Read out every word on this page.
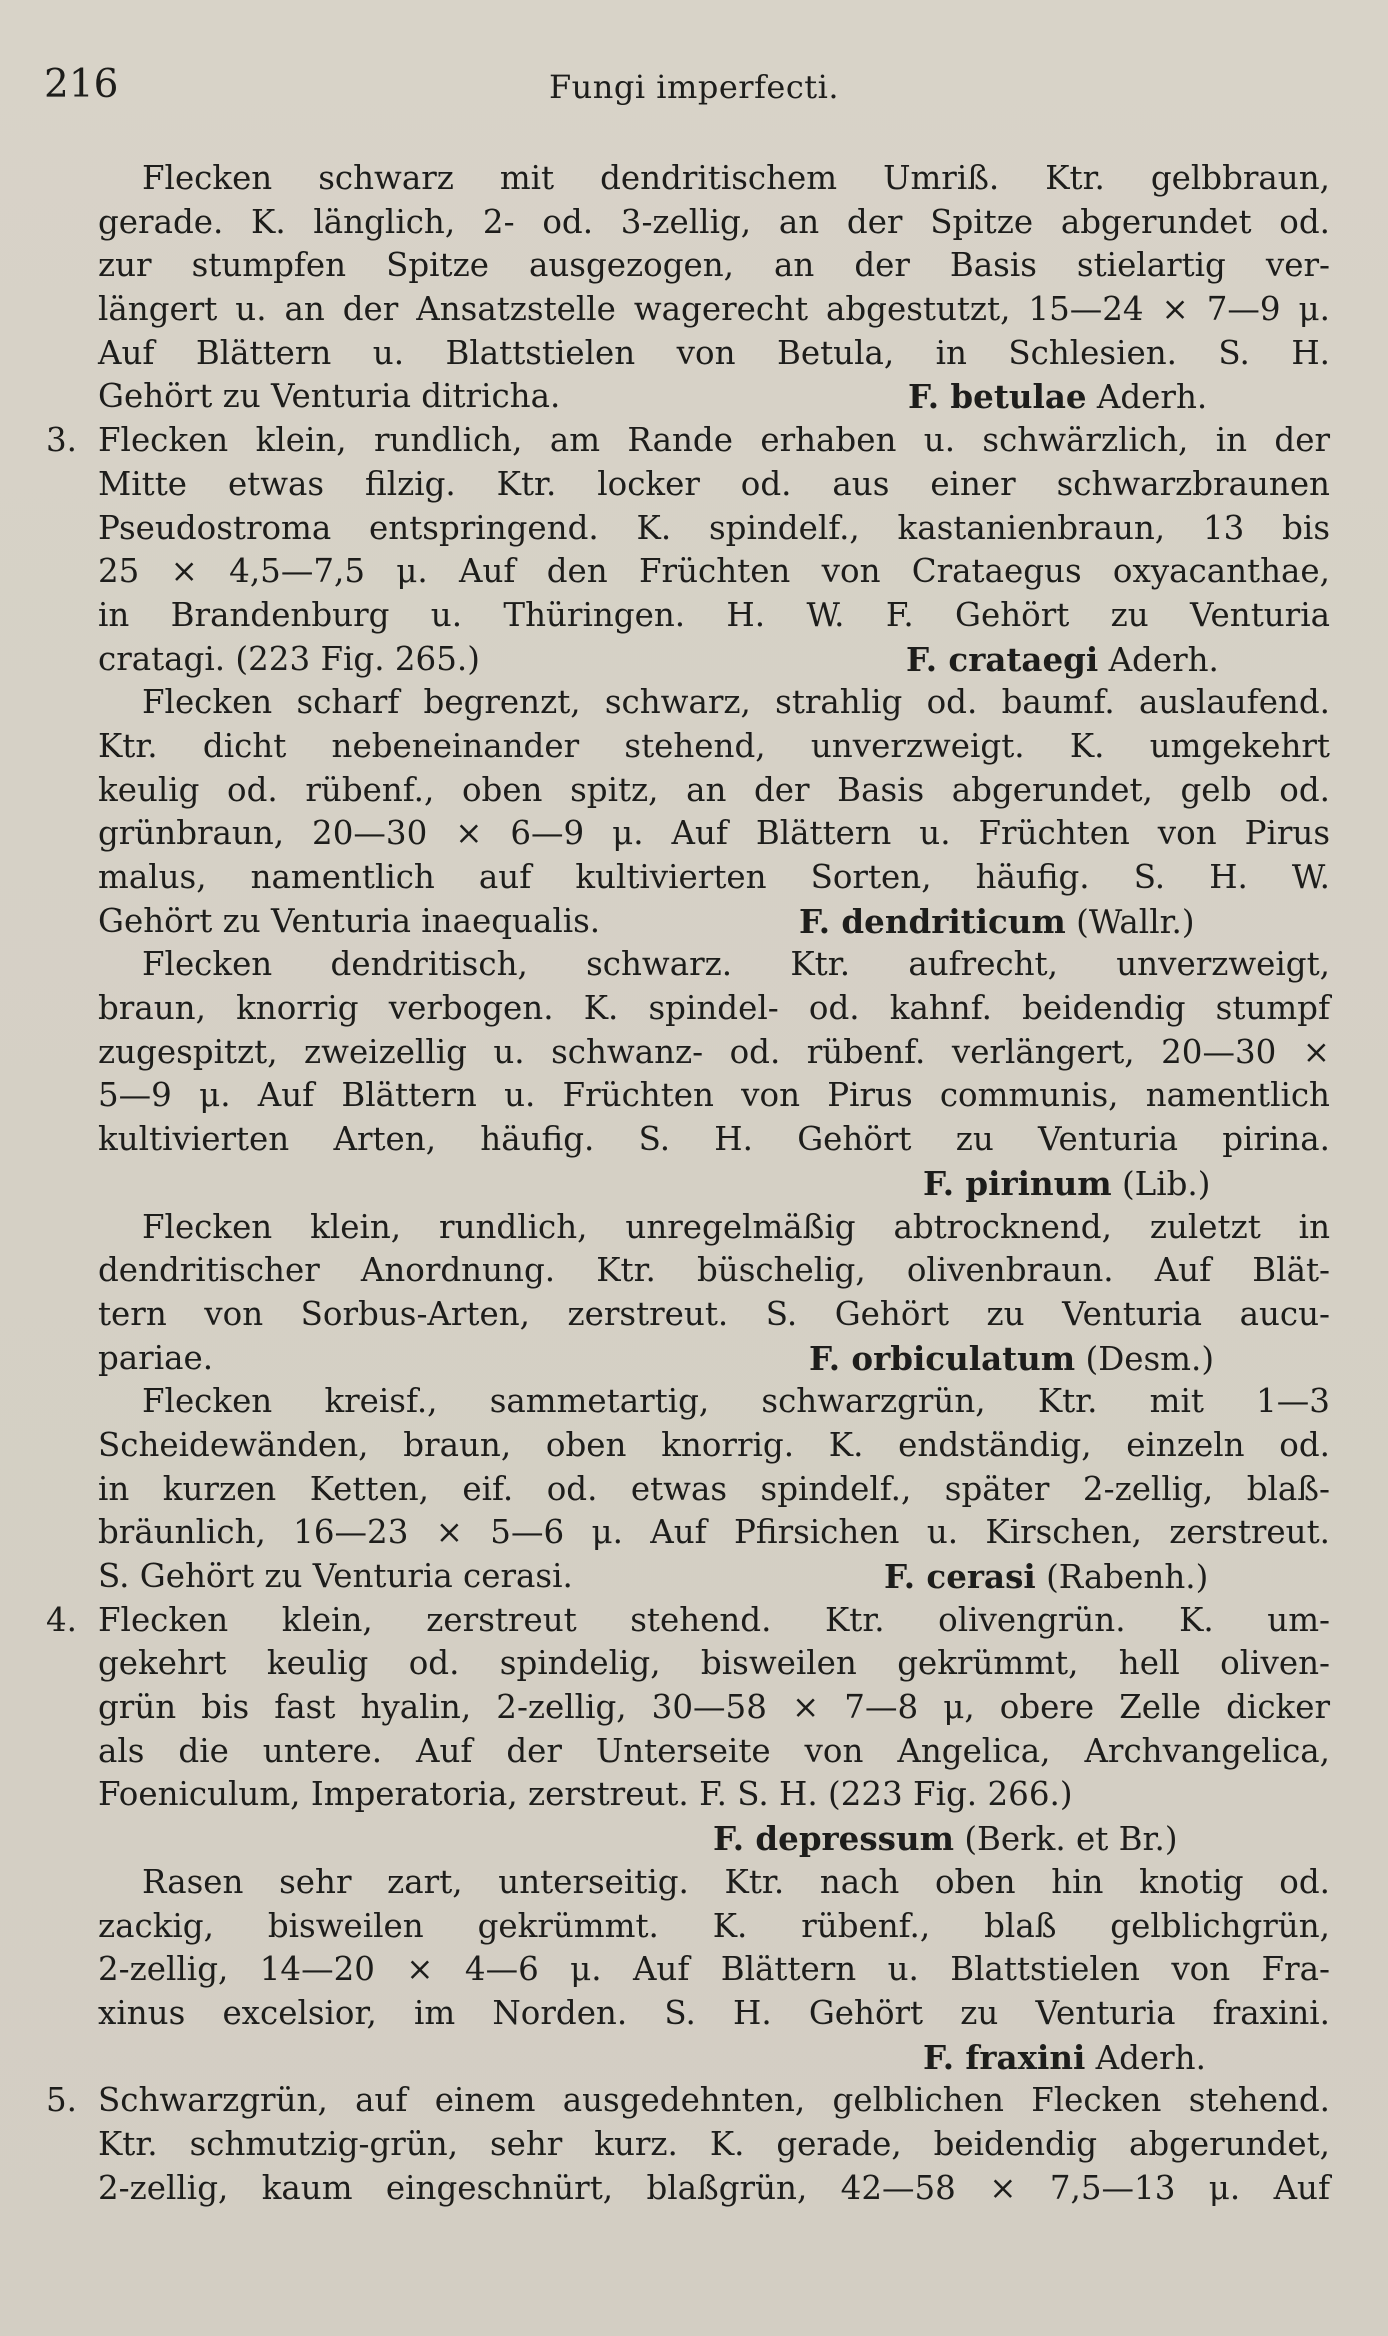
216	Fungi imperfecti.
Flecken schwarz mit dendritischem Umriß. Ktr. gelbbraun,
gerade. K. länglich, 2- od. 3-zellig, an der Spitze abgerundet od.
zur stumpfen Spitze ausgezogen, an der Basis stielartig ver-
längert u. an der Ansatzstelle wagerecht abgestutzt, 15—24 × 7—9 μ.
Auf Blättern u. Blattstielen von Betula, in Schlesien. S. H.
Gehört zu Venturia ditricha.	F. betulae Aderh.
3. Flecken klein, rundlich, am Rande erhaben u. schwärzlich, in der
Mitte etwas filzig. Ktr. locker od. aus einer schwarzbraunen
Pseudostroma entspringend. K. spindelf., kastanienbraun, 13 bis
25 × 4,5—7,5 μ. Auf den Früchten von Crataegus oxyacanthae,
in Brandenburg u. Thüringen. H. W. F. Gehört zu Venturia
cratagi. (223 Fig. 265.)	F. crataegi Aderh.
Flecken scharf begrenzt, schwarz, strahlig od. baumf. auslaufend.
Ktr. dicht nebeneinander stehend, unverzweigt. K. umgekehrt
keulig od. rübenf., oben spitz, an der Basis abgerundet, gelb od.
grünbraun, 20—30 × 6—9 μ. Auf Blättern u. Früchten von Pirus
malus, namentlich auf kultivierten Sorten, häufig. S. H. W.
Gehört zu Venturia inaequalis.	F. dendriticum (Wallr.)
Flecken dendritisch, schwarz. Ktr. aufrecht, unverzweigt,
braun, knorrig verbogen. K. spindel- od. kahnf. beidendig stumpf
zugespitzt, zweizellig u. schwanz- od. rübenf. verlängert, 20—30 ×
5—9 μ. Auf Blättern u. Früchten von Pirus communis, namentlich
kultivierten Arten, häufig. S. H. Gehört zu Venturia pirina.
F. pirinum (Lib.)
Flecken klein, rundlich, unregelmäßig abtrocknend, zuletzt in
dendritischer Anordnung. Ktr. büschelig, olivenbraun. Auf Blät-
tern von Sorbus-Arten, zerstreut. S. Gehört zu Venturia aucu-
pariae.	F. orbiculatum (Desm.)
Flecken kreisf., sammetartig, schwarzgrün, Ktr. mit 1—3
Scheidewänden, braun, oben knorrig. K. endständig, einzeln od.
in kurzen Ketten, eif. od. etwas spindelf., später 2-zellig, blaß-
bräunlich, 16—23 × 5—6 μ. Auf Pfirsichen u. Kirschen, zerstreut.
S. Gehört zu Venturia cerasi.	F. cerasi (Rabenh.)
4. Flecken klein, zerstreut stehend. Ktr. olivengrün. K. um-
gekehrt keulig od. spindelig, bisweilen gekrümmt, hell oliven-
grün bis fast hyalin, 2-zellig, 30—58 × 7—8 μ, obere Zelle dicker
als die untere. Auf der Unterseite von Angelica, Archvangelica,
Foeniculum, Imperatoria, zerstreut. F. S. H. (223 Fig. 266.)
F. depressum (Berk. et Br.)
Rasen sehr zart, unterseitig. Ktr. nach oben hin knotig od.
zackig, bisweilen gekrümmt. K. rübenf., blaß gelblichgrün,
2-zellig, 14—20 × 4—6 μ. Auf Blättern u. Blattstielen von Fra-
xinus excelsior, im Norden. S. H. Gehört zu Venturia fraxini.
F. fraxini Aderh.
5. Schwarzgrün, auf einem ausgedehnten, gelblichen Flecken stehend.
Ktr. schmutzig-grün, sehr kurz. K. gerade, beidendig abgerundet,
2-zellig, kaum eingeschnürt, blaßgrün, 42—58 × 7,5—13 μ. Auf
